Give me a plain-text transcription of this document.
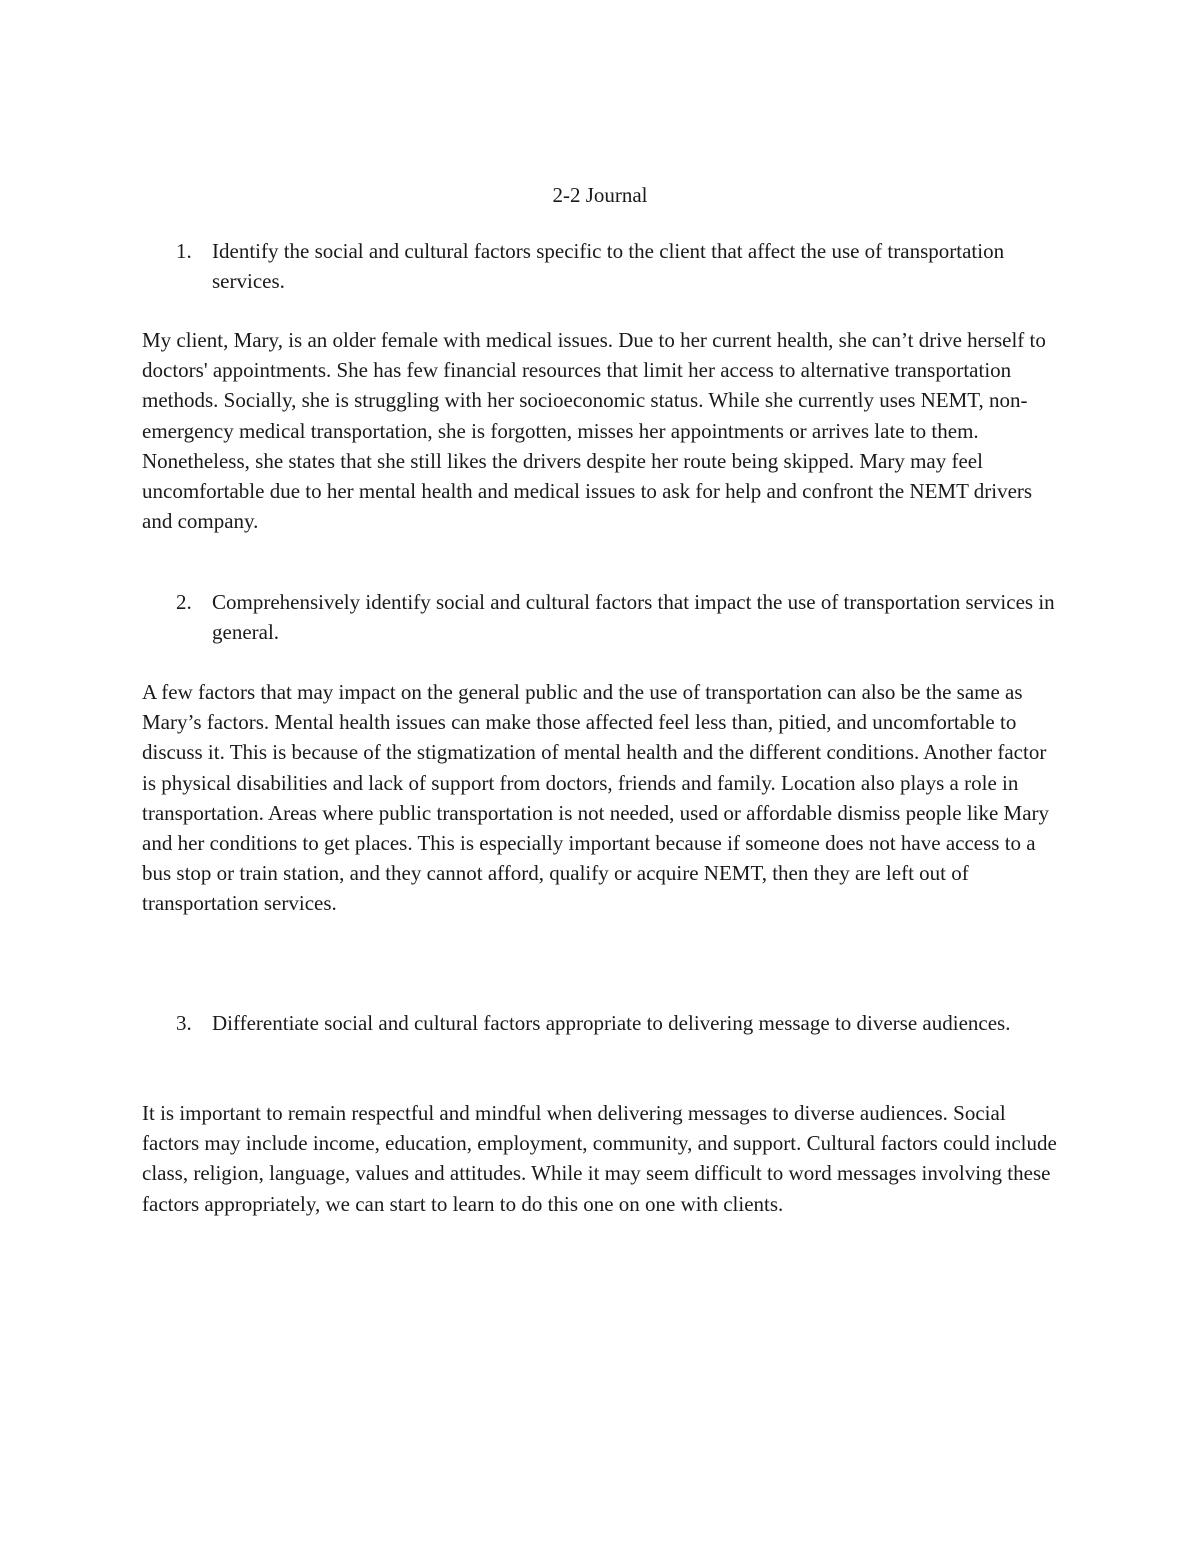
2-2 Journal
1. Identify the social and cultural factors specific to the client that affect the use of transportation services.

My client, Mary, is an older female with medical issues. Due to her current health, she can’t drive herself to doctors' appointments. She has few financial resources that limit her access to alternative transportation methods. Socially, she is struggling with her socioeconomic status. While she currently uses NEMT, non-emergency medical transportation, she is forgotten, misses her appointments or arrives late to them. Nonetheless, she states that she still likes the drivers despite her route being skipped. Mary may feel uncomfortable due to her mental health and medical issues to ask for help and confront the NEMT drivers and company.

2. Comprehensively identify social and cultural factors that impact the use of transportation services in general.

A few factors that may impact on the general public and the use of transportation can also be the same as Mary’s factors. Mental health issues can make those affected feel less than, pitied, and uncomfortable to discuss it. This is because of the stigmatization of mental health and the different conditions. Another factor is physical disabilities and lack of support from doctors, friends and family. Location also plays a role in transportation. Areas where public transportation is not needed, used or affordable dismiss people like Mary and her conditions to get places. This is especially important because if someone does not have access to a bus stop or train station, and they cannot afford, qualify or acquire NEMT, then they are left out of transportation services.

3. Differentiate social and cultural factors appropriate to delivering message to diverse audiences.

It is important to remain respectful and mindful when delivering messages to diverse audiences. Social factors may include income, education, employment, community, and support. Cultural factors could include class, religion, language, values and attitudes. While it may seem difficult to word messages involving these factors appropriately, we can start to learn to do this one on one with clients.
